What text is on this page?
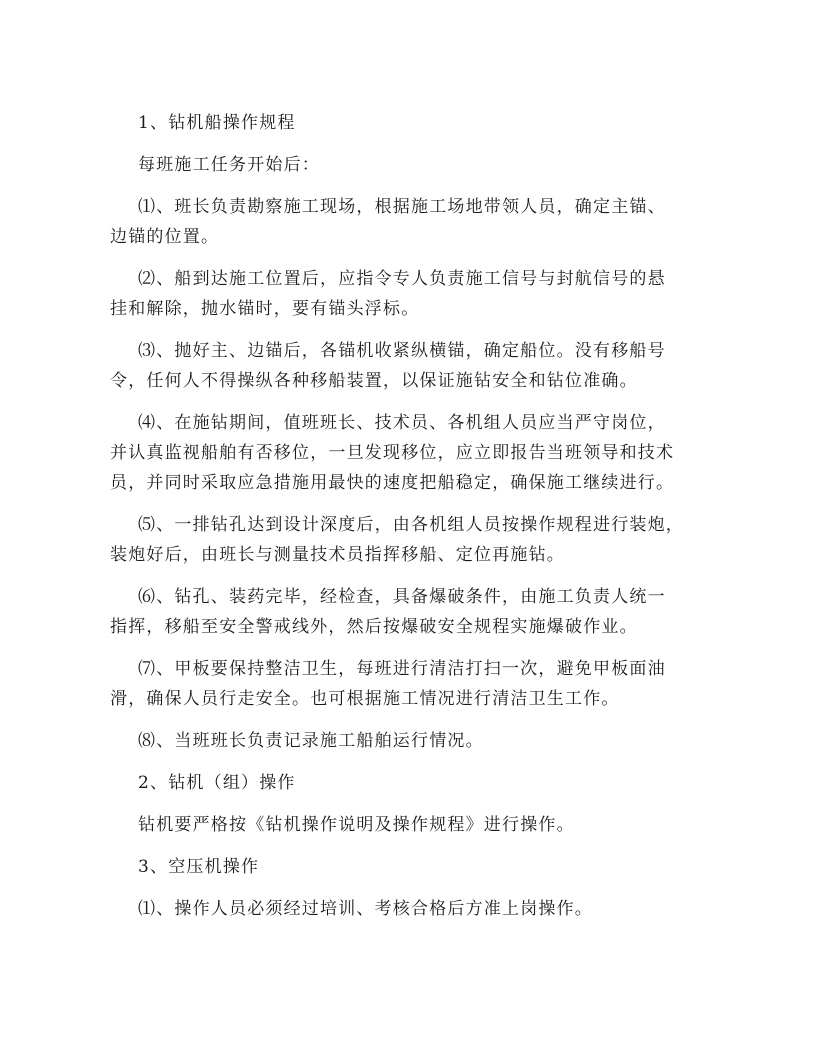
1、钻机船操作规程

每班施工任务开始后：

⑴、班长负责勘察施工现场，根据施工场地带领人员，确定主锚、
边锚的位置。

⑵、船到达施工位置后，应指令专人负责施工信号与封航信号的悬
挂和解除，抛水锚时，要有锚头浮标。

⑶、抛好主、边锚后，各锚机收紧纵横锚，确定船位。没有移船号
令，任何人不得操纵各种移船装置，以保证施钻安全和钻位准确。

⑷、在施钻期间，值班班长、技术员、各机组人员应当严守岗位，
并认真监视船舶有否移位，一旦发现移位，应立即报告当班领导和技术
员，并同时采取应急措施用最快的速度把船稳定，确保施工继续进行。

⑸、一排钻孔达到设计深度后，由各机组人员按操作规程进行装炮，
装炮好后，由班长与测量技术员指挥移船、定位再施钻。

⑹、钻孔、装药完毕，经检查，具备爆破条件，由施工负责人统一
指挥，移船至安全警戒线外，然后按爆破安全规程实施爆破作业。

⑺、甲板要保持整洁卫生，每班进行清洁打扫一次，避免甲板面油
滑，确保人员行走安全。也可根据施工情况进行清洁卫生工作。

⑻、当班班长负责记录施工船舶运行情况。

2、钻机（组）操作

钻机要严格按《钻机操作说明及操作规程》进行操作。

3、空压机操作

⑴、操作人员必须经过培训、考核合格后方准上岗操作。
